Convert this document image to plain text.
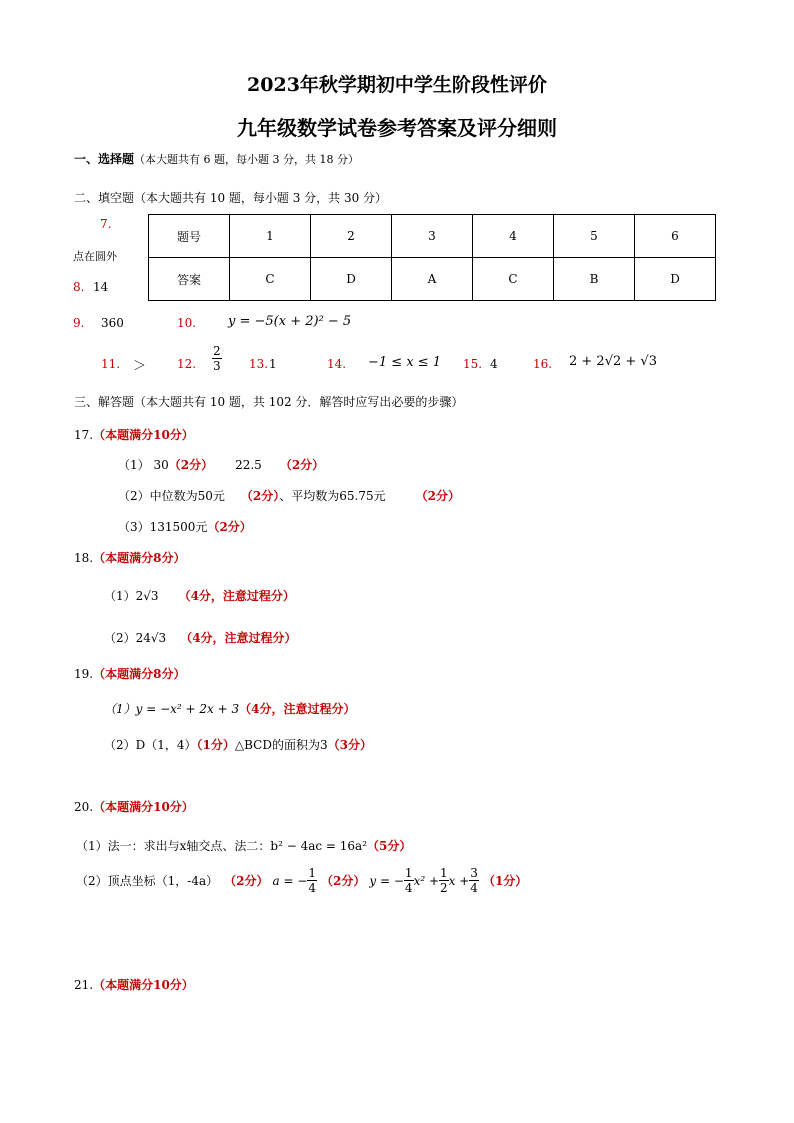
2023年秋学期初中学生阶段性评价
九年级数学试卷参考答案及评分细则
一、选择题（本大题共有 6 题，每小题 3 分，共 18 分）
二、填空题（本大题共有 10 题，每小题 3 分，共 30 分）
题号	1	2	3	4	5	6
答案	C	D	A	C	B	D
7.
点在圆外
8. 14
9. 360	10. y = −5(x + 2)² − 5
11. ＞	12. $\frac{2}{3} 13$. 1	14. −1 ≤ x ≤ 1 15. 4	16. 2 + 2√2 + √3
三、解答题（本大题共有 10 题，共 102 分．解答时应写出必要的步骤）
17.（本题满分10分）
（1） 30（2分） 22.5 （2分）
（2）中位数为50元 （2分）、平均数为65.75元	（2分）
（3）131500元（2分）
18.（本题满分8分）
（1）2√3 （4分，注意过程分）
（2）24√3 （4分，注意过程分）
19.（本题满分8分）
（1）y = −x² + 2x + 3（4分，注意过程分）
（2）D（1，4）（1分）△BCD的面积为3（3分）
20.（本题满分10分）
（1）法一：求出与x轴交点、法二：b² − 4ac = 16a²（5分）
（2）顶点坐标（1，-4a） （2分） a = − $\frac{1}{4} (2$分） y = − $\frac{1}{4} x^2 + \frac{1}{2}$ $x + \frac{3}{4} (1$分）
21.（本题满分10分）
